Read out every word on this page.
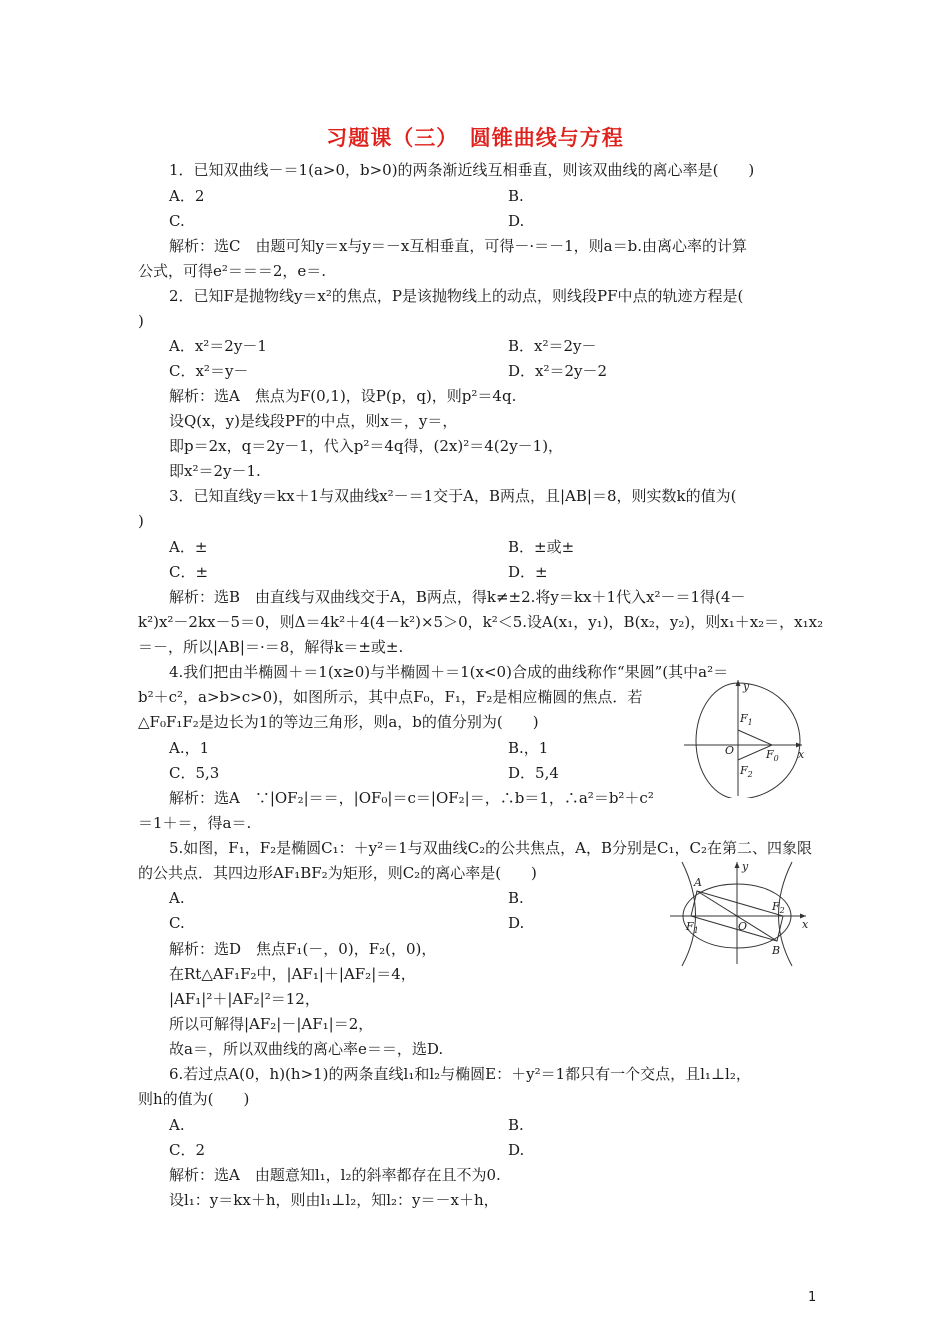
习题课（三）　圆锥曲线与方程
1．已知双曲线－＝1(a>0，b>0)的两条渐近线互相垂直，则该双曲线的离心率是(　　)
A．2	B.
C.	D.
解析：选C　由题可知y＝x与y＝－x互相垂直，可得－·＝－1，则a＝b.由离心率的计算
公式，可得e²＝＝＝2，e＝.
2．已知F是抛物线y＝x²的焦点，P是该抛物线上的动点，则线段PF中点的轨迹方程是(
)
A．x²＝2y－1	B．x²＝2y－
C．x²＝y－	D．x²＝2y－2
解析：选A　焦点为F(0,1)，设P(p，q)，则p²＝4q.
设Q(x，y)是线段PF的中点，则x＝，y＝，
即p＝2x，q＝2y－1，代入p²＝4q得，(2x)²＝4(2y－1)，
即x²＝2y－1.
3．已知直线y＝kx＋1与双曲线x²－＝1交于A，B两点，且|AB|＝8，则实数k的值为(
)
A．±	B．±或±
C．±	D．±
解析：选B　由直线与双曲线交于A，B两点，得k≠±2.将y＝kx＋1代入x²－＝1得(4－
k²)x²－2kx－5＝0，则Δ＝4k²＋4(4－k²)×5＞0，k²＜5.设A(x₁，y₁)，B(x₂，y₂)，则x₁＋x₂＝，x₁x₂
＝－，所以|AB|＝·＝8，解得k＝±或±.
4.我们把由半椭圆＋＝1(x≥0)与半椭圆＋＝1(x<0)合成的曲线称作“果圆”(其中a²＝
b²＋c²，a>b>c>0)，如图所示，其中点F₀，F₁，F₂是相应椭圆的焦点．若
△F₀F₁F₂是边长为1的等边三角形，则a，b的值分别为(　　)
A.，1	B.，1
C．5,3	D．5,4
解析：选A　∵|OF₂|＝＝，|OF₀|＝c＝|OF₂|＝，∴b＝1，∴a²＝b²＋c²
＝1＋＝，得a＝.
5.如图，F₁，F₂是椭圆C₁：＋y²＝1与双曲线C₂的公共焦点，A，B分别是C₁，C₂在第二、四象限
的公共点．其四边形AF₁BF₂为矩形，则C₂的离心率是(　　)
A.	B.
C.	D.
解析：选D　焦点F₁(－，0)，F₂(，0)，
在Rt△AF₁F₂中，|AF₁|＋|AF₂|＝4，
|AF₁|²＋|AF₂|²＝12，
所以可解得|AF₂|－|AF₁|＝2，
故a＝，所以双曲线的离心率e＝＝，选D.
6.若过点A(0，h)(h>1)的两条直线l₁和l₂与椭圆E：＋y²＝1都只有一个交点，且l₁⊥l₂，
则h的值为(　　)
A.	B.
C．2	D.
解析：选A　由题意知l₁，l₂的斜率都存在且不为0.
设l₁：y＝kx＋h，则由l₁⊥l₂，知l₂：y＝－x＋h，
y
x
$F_1$
O	$F_0$
$F_2$
y
x
A
$F_1$	O
$F_2$
B
1
